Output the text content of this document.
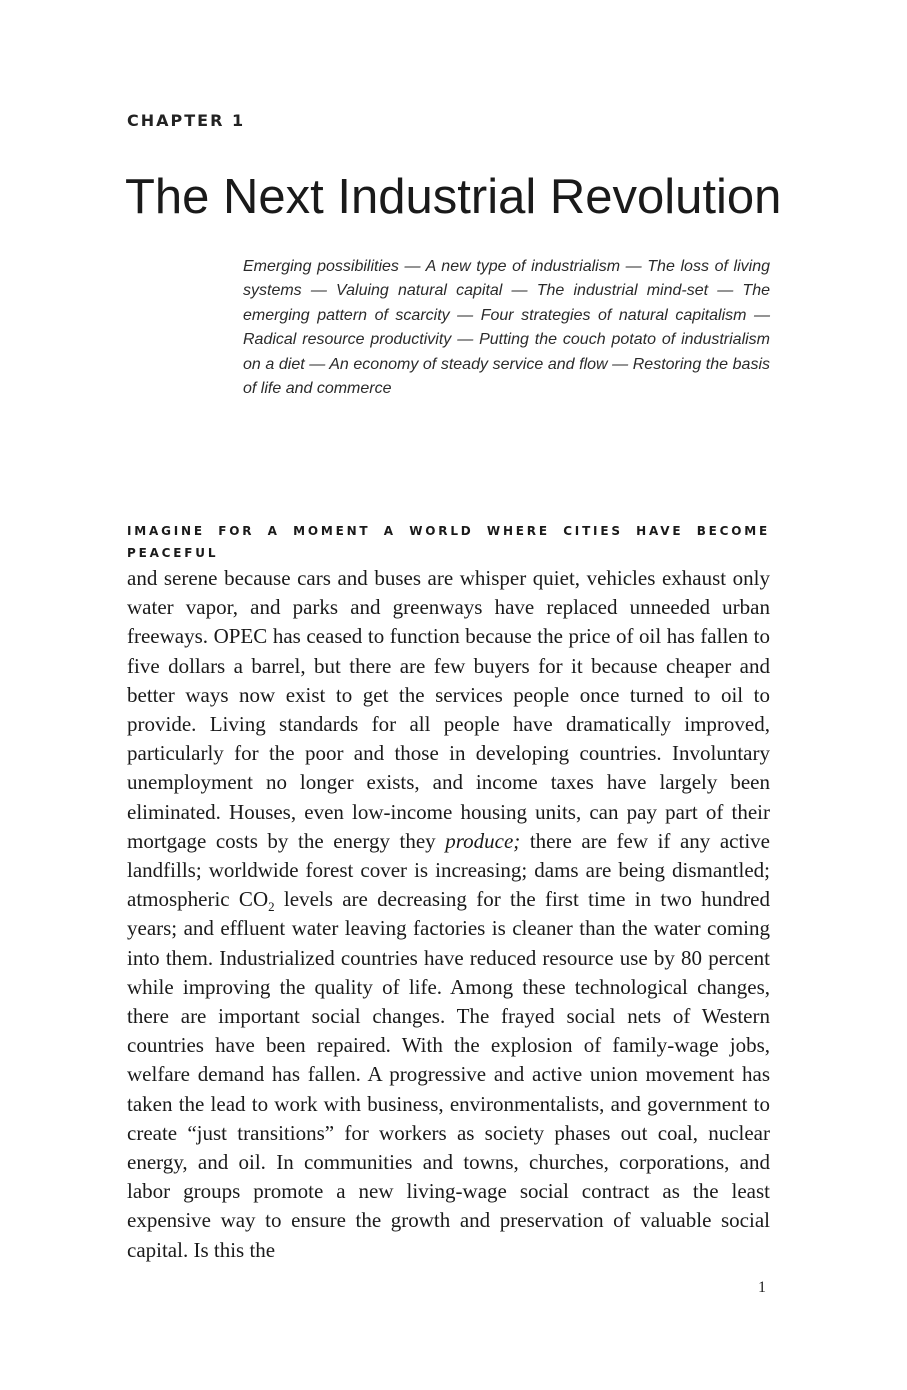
CHAPTER 1
The Next Industrial Revolution

Emerging possibilities — A new type of industrialism — The loss of living systems — Valuing natural capital — The industrial mind-set — The emerging pattern of scarcity — Four strategies of natural capitalism — Radical resource productivity — Putting the couch potato of industrialism on a diet — An economy of steady service and flow — Restoring the basis of life and commerce

IMAGINE FOR A MOMENT A WORLD WHERE CITIES HAVE BECOME PEACEFUL
and serene because cars and buses are whisper quiet, vehicles exhaust only water vapor, and parks and greenways have replaced unneeded urban freeways. OPEC has ceased to function because the price of oil has fallen to five dollars a barrel, but there are few buyers for it because cheaper and better ways now exist to get the services people once turned to oil to provide. Living standards for all people have dramatically improved, particularly for the poor and those in developing countries. Involuntary unemployment no longer exists, and income taxes have largely been eliminated. Houses, even low-income housing units, can pay part of their mortgage costs by the energy they produce; there are few if any active landfills; worldwide forest cover is increasing; dams are being dismantled; atmospheric $CO_2$ levels are decreasing for the first time in two hundred years; and effluent water leaving factories is cleaner than the water coming into them. Industrialized countries have reduced resource use by 80 percent while improving the quality of life. Among these technological changes, there are important social changes. The frayed social nets of Western countries have been repaired. With the explosion of family-wage jobs, welfare demand has fallen. A progressive and active union movement has taken the lead to work with business, environmentalists, and government to create “just transitions” for workers as society phases out coal, nuclear energy, and oil. In communities and towns, churches, corporations, and labor groups promote a new living-wage social contract as the least expensive way to ensure the growth and preservation of valuable social capital. Is this the

1
